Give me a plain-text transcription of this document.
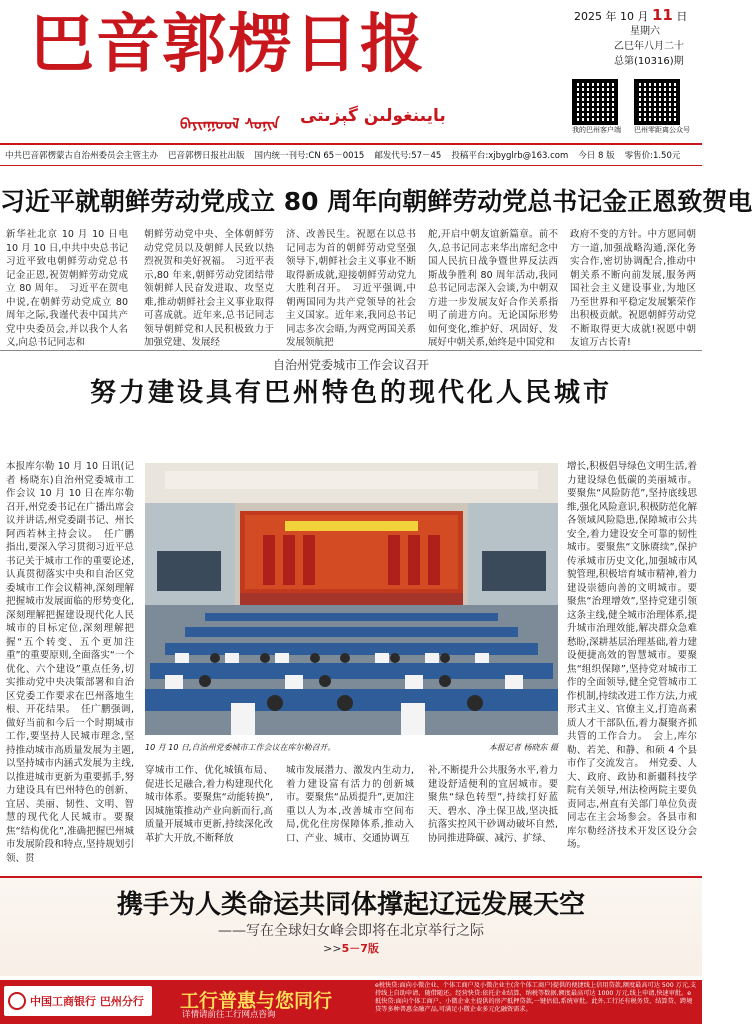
巴音郭楞日报
ᠪᠠᠶᠢᠨᠭᠣᠣᠯ ᠰᠣᠨᠢᠨ بايىنغولىن گېزىتى
2025 年 10 月 11 日
星期六
乙巳年八月二十
总第(10316)期
我的巴州客户端 巴州零距离公众号
中共巴音郭楞蒙古自治州委员会主管主办 巴音郭楞日报社出版 国内统一刊号:CN 65－0015 邮发代号:57－45 投稿平台:xjbyglrb@163.com 今日 8 版 零售价:1.50元
习近平就朝鲜劳动党成立 80 周年向朝鲜劳动党总书记金正恩致贺电
新华社北京 10 月 10 日电 10 月 10 日,中共中央总书记习近平致电朝鲜劳动党总书记金正恩,祝贺朝鲜劳动党成立 80 周年。　习近平在贺电中说,在朝鲜劳动党成立 80 周年之际,我谨代表中国共产党中央委员会,并以我个人名义,向总书记同志和
朝鲜劳动党中央、全体朝鲜劳动党党员以及朝鲜人民致以热烈祝贺和美好祝福。　习近平表示,80 年来,朝鲜劳动党团结带领朝鲜人民奋发进取、攻坚克难,推动朝鲜社会主义事业取得可喜成就。近年来,总书记同志领导朝鲜党和人民积极致力于加强党建、发展经
济、改善民生。祝愿在以总书记同志为首的朝鲜劳动党坚强领导下,朝鲜社会主义事业不断取得新成就,迎接朝鲜劳动党九大胜利召开。　习近平强调,中朝两国同为共产党领导的社会主义国家。近年来,我同总书记同志多次会晤,为两党两国关系发展领航把
舵,开启中朝友谊新篇章。前不久,总书记同志来华出席纪念中国人民抗日战争暨世界反法西斯战争胜利 80 周年活动,我同总书记同志深入会谈,为中朝双方进一步发展友好合作关系指明了前进方向。无论国际形势如何变化,维护好、巩固好、发展好中朝关系,始终是中国党和
政府不变的方针。中方愿同朝方一道,加强战略沟通,深化务实合作,密切协调配合,推动中朝关系不断向前发展,服务两国社会主义建设事业,为地区乃至世界和平稳定发展繁荣作出积极贡献。祝愿朝鲜劳动党不断取得更大成就!祝愿中朝友谊万古长青!
自治州党委城市工作会议召开
努力建设具有巴州特色的现代化人民城市
本报库尔勒 10 月 10 日讯(记者 杨晓东)自治州党委城市工作会议 10 月 10 日在库尔勒召开,州党委书记在广播出席会议并讲话,州党委副书记、州长阿西若林主持会议。　任广鹏指出,要深入学习贯彻习近平总书记关于城市工作的重要论述,认真贯彻落实中央和自治区党委城市工作会议精神,深刻理解把握城市发展面临的形势变化,深刻理解把握建设现代化人民城市的目标定位,深刻理解把握“五个转变、五个更加注重”的重要原则,全面落实“一个优化、六个建设”重点任务,切实推动党中央决策部署和自治区党委工作要求在巴州落地生根、开花结果。　任广鹏强调,做好当前和今后一个时期城市工作,要坚持人民城市理念,坚持推动城市高质量发展为主题,以坚持城市内涵式发展为主线,以推进城市更新为重要抓手,努力建设具有巴州特色的创新、宜居、美丽、韧性、文明、智慧的现代化人民城市。要聚焦“结构优化”,准确把握巴州城市发展阶段和特点,坚持规划引领、贯
增长,积极倡导绿色文明生活,着力建设绿色低碳的美丽城市。要聚焦“风险防范”,坚持底线思维,强化风险意识,积极防范化解各领域风险隐患,保障城市公共安全,着力建设安全可靠的韧性城市。要聚焦“文脉赓续”,保护传承城市历史文化,加强城市风貌管理,积极培育城市精神,着力建设崇德向善的文明城市。要聚焦“治理增效”,坚持党建引领这条主线,健全城市治理体系,提升城市治理效能,解决群众急难愁盼,深耕基层治理基础,着力建设便捷高效的智慧城市。要聚焦“组织保障”,坚持党对城市工作的全面领导,健全党管城市工作机制,持续改进工作方法,力戒形式主义、官僚主义,打造高素质人才干部队伍,着力凝聚齐抓共管的工作合力。　会上,库尔勒、若羌、和静、和硕 4 个县市作了交流发言。　州党委、人大、政府、政协和新疆科技学院有关领导,州法检两院主要负责同志,州直有关部门单位负责同志在主会场参会。各县市和库尔勒经济技术开发区设分会场。
10 月 10 日,自治州党委城市工作会议在库尔勒召开。	本报记者 杨晓东 摄
穿城市工作、优化城镇布局、促进长足融合,着力构建现代化城市体系。要聚焦“动能转换”,因城施策推动产业向新而行,高质量开展城市更新,持续深化改革扩大开放,不断释放
城市发展潜力、激发内生动力,着力建设富有活力的创新城市。要聚焦“品质提升”,更加注重以人为本,改善城市空间布局,优化住房保障体系,推动入口、产业、城市、交通协调互
补,不断提升公共服务水平,着力建设舒适便利的宜居城市。要聚焦“绿色转型”,持续打好蓝天、碧水、净土保卫战,坚决抵抗落实控风干砂调动破坏自然,协同推进降碳、减污、扩绿、
携手为人类命运共同体撑起辽远发展天空
——写在全球妇女峰会即将在北京举行之际
>>5－7版
中国工商银行 巴州分行 工行普惠与您同行
详情请前往工行网点咨询
e税快贷:面向小微企业、个体工商户及小微企业主(含个体工商户)提供的便捷线上信用贷款,额度最高可达 500 万元,支持线上自助申请、随借随还。经营快贷:依托企业结算、纳税等数据,额度最高可达 1000 万元,线上申请,快速审批。e抵快贷:面向个体工商户、小微企业主提供的房产抵押贷款,一键估值,系统审批。此外,工行还有税务贷、结算贷、跨境贷等多种普惠金融产品,可满足小微企业多元化融资需求。
